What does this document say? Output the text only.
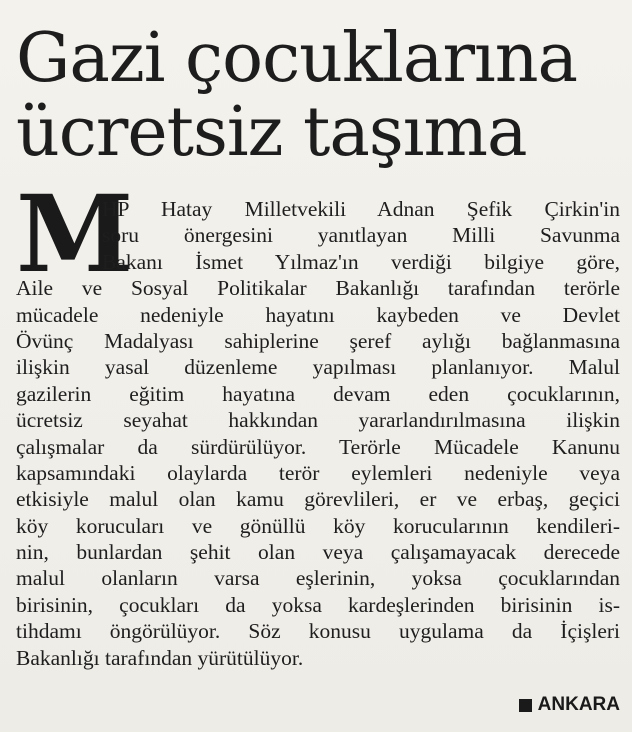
Gazi çocuklarına
ücretsiz taşıma
M
HP Hatay Milletvekili Adnan Şefik Çirkin'in
soru önergesini yanıtlayan Milli Savunma
Bakanı İsmet Yılmaz'ın verdiği bilgiye göre,
Aile ve Sosyal Politikalar Bakanlığı tarafından terörle
mücadele nedeniyle hayatını kaybeden ve Devlet
Övünç Madalyası sahiplerine şeref aylığı bağlanmasına
ilişkin yasal düzenleme yapılması planlanıyor. Malul
gazilerin eğitim hayatına devam eden çocuklarının,
ücretsiz seyahat hakkından yararlandırılmasına ilişkin
çalışmalar da sürdürülüyor. Terörle Mücadele Kanunu
kapsamındaki olaylarda terör eylemleri nedeniyle veya
etkisiyle malul olan kamu görevlileri, er ve erbaş, geçici
köy korucuları ve gönüllü köy korucularının kendileri-
nin, bunlardan şehit olan veya çalışamayacak derecede
malul olanların varsa eşlerinin, yoksa çocuklarından
birisinin, çocukları da yoksa kardeşlerinden birisinin is-
tihdamı öngörülüyor. Söz konusu uygulama da İçişleri
Bakanlığı tarafından yürütülüyor.
ANKARA
